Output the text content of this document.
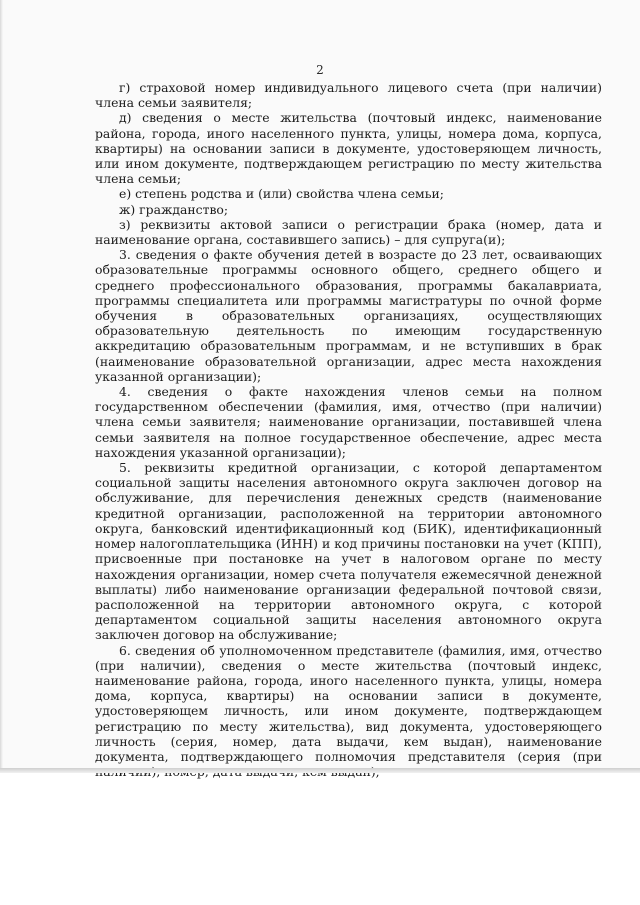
2

г) страховой номер индивидуального лицевого счета (при наличии) члена семьи заявителя;

д) сведения о месте жительства (почтовый индекс, наименование района, города, иного населенного пункта, улицы, номера дома, корпуса, квартиры) на основании записи в документе, удостоверяющем личность, или ином документе, подтверждающем регистрацию по месту жительства члена семьи;

е) степень родства и (или) свойства члена семьи;

ж) гражданство;

з) реквизиты актовой записи о регистрации брака (номер, дата и наименование органа, составившего запись) – для супруга(и);

3. сведения о факте обучения детей в возрасте до 23 лет, осваивающих образовательные программы основного общего, среднего общего и среднего профессионального образования, программы бакалавриата, программы специалитета или программы магистратуры по очной форме обучения в образовательных организациях, осуществляющих образовательную деятельность по имеющим государственную аккредитацию образовательным программам, и не вступивших в брак (наименование образовательной организации, адрес места нахождения указанной организации);

4. сведения о факте нахождения членов семьи на полном государственном обеспечении (фамилия, имя, отчество (при наличии) члена семьи заявителя; наименование организации, поставившей члена семьи заявителя на полное государственное обеспечение, адрес места нахождения указанной организации);

5. реквизиты кредитной организации, с которой департаментом социальной защиты населения автономного округа заключен договор на обслуживание, для перечисления денежных средств (наименование кредитной организации, расположенной на территории автономного округа, банковский идентификационный код (БИК), идентификационный номер налогоплательщика (ИНН) и код причины постановки на учет (КПП), присвоенные при постановке на учет в налоговом органе по месту нахождения организации, номер счета получателя ежемесячной денежной выплаты) либо наименование организации федеральной почтовой связи, расположенной на территории автономного округа, с которой департаментом социальной защиты населения автономного округа заключен договор на обслуживание;

6. сведения об уполномоченном представителе (фамилия, имя, отчество (при наличии), сведения о месте жительства (почтовый индекс, наименование района, города, иного населенного пункта, улицы, номера дома, корпуса, квартиры) на основании записи в документе, удостоверяющем личность, или ином документе, подтверждающем регистрацию по месту жительства), вид документа, удостоверяющего личность (серия, номер, дата выдачи, кем выдан), наименование документа, подтверждающего полномочия представителя (серия (при
